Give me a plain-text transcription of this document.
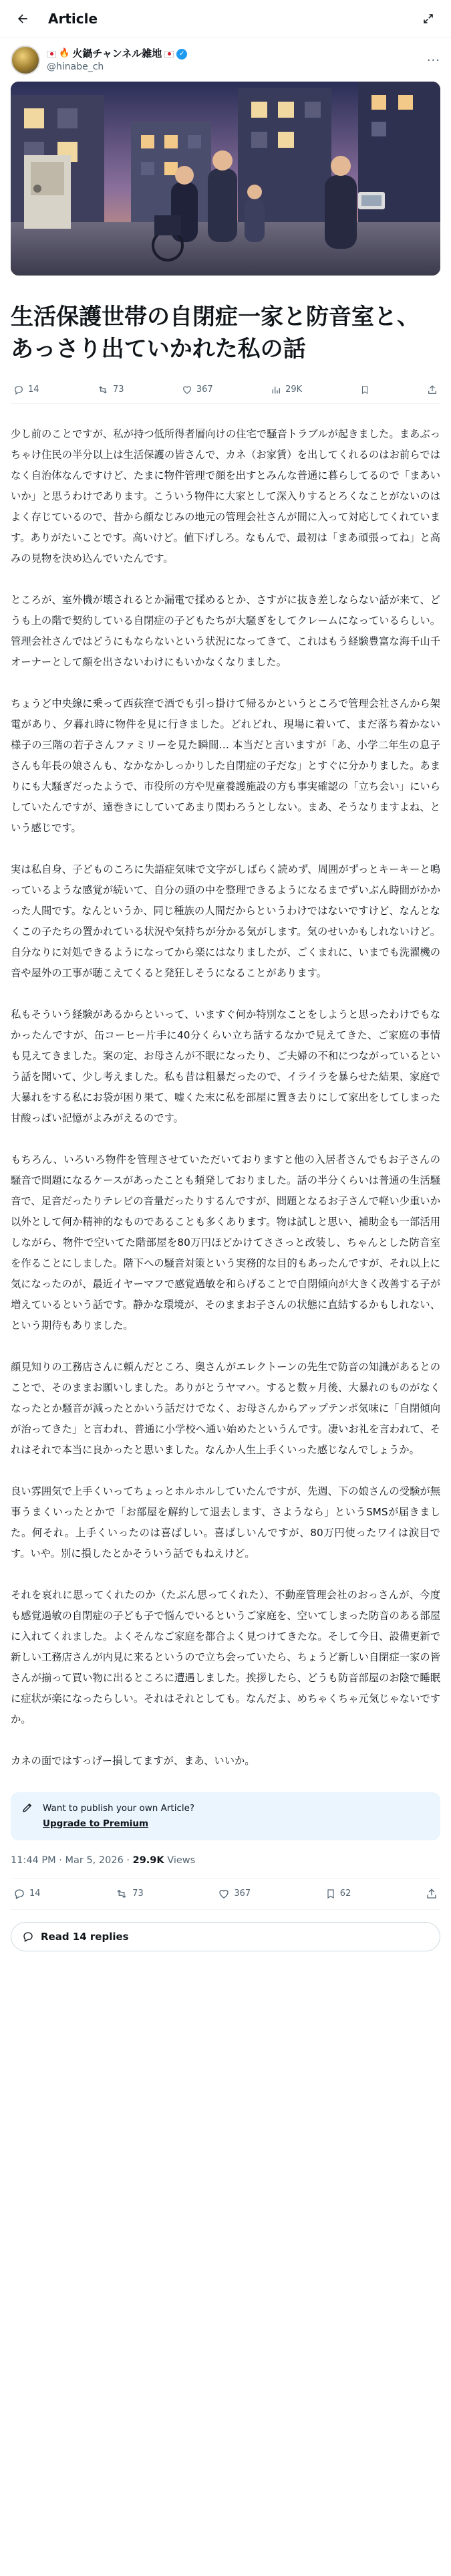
Article
🔥 火鍋チャンネル雑地	✓
@hinabe_ch	···
生活保護世帯の自閉症一家と防音室と、あっさり出ていかれた私の話
14	73	367	29K

少し前のことですが、私が持つ低所得者層向けの住宅で騒音トラブルが起きました。まあぶっちゃけ住民の半分以上は生活保護の皆さんで、カネ（お家賃）を出してくれるのはお前らではなく自治体なんですけど、たまに物件管理で顔を出すとみんな普通に暮らしてるので「まあいいか」と思うわけであります。こういう物件に大家として深入りするとろくなことがないのはよく存じているので、昔から顔なじみの地元の管理会社さんが間に入って対応してくれています。ありがたいことです。高いけど。値下げしろ。なもんで、最初は「まあ頑張ってね」と高みの見物を決め込んでいたんです。

ところが、室外機が壊されるとか漏電で揉めるとか、さすがに抜き差しならない話が来て、どうも上の階で契約している自閉症の子どもたちが大騒ぎをしてクレームになっているらしい。管理会社さんではどうにもならないという状況になってきて、これはもう経験豊富な海千山千オーナーとして顔を出さないわけにもいかなくなりました。

ちょうど中央線に乗って西荻窪で酒でも引っ掛けて帰るかというところで管理会社さんから架電があり、夕暮れ時に物件を見に行きました。どれどれ、現場に着いて、まだ落ち着かない様子の三階の若子さんファミリーを見た瞬間… 本当だと言いますが「あ、小学二年生の息子さんも年長の娘さんも、なかなかしっかりした自閉症の子だな」とすぐに分かりました。あまりにも大騒ぎだったようで、市役所の方や児童養護施設の方も事実確認の「立ち会い」にいらしていたんですが、遠巻きにしていてあまり関わろうとしない。まあ、そうなりますよね、という感じです。

実は私自身、子どものころに失語症気味で文字がしばらく読めず、周囲がずっとキーキーと鳴っているような感覚が続いて、自分の頭の中を整理できるようになるまでずいぶん時間がかかった人間です。なんというか、同じ種族の人間だからというわけではないですけど、なんとなくこの子たちの置かれている状況や気持ちが分かる気がします。気のせいかもしれないけど。自分なりに対処できるようになってから楽にはなりましたが、ごくまれに、いまでも洗濯機の音や屋外の工事が聴こえてくると発狂しそうになることがあります。

私もそういう経験があるからといって、いますぐ何か特別なことをしようと思ったわけでもなかったんですが、缶コーヒー片手に40分くらい立ち話するなかで見えてきた、ご家庭の事情も見えてきました。案の定、お母さんが不眠になったり、ご夫婦の不和につながっているという話を聞いて、少し考えました。私も昔は粗暴だったので、イライラを暴らせた結果、家庭で大暴れをする私にお袋が困り果て、嘘くた末に私を部屋に置き去りにして家出をしてしまった甘酸っぱい記憶がよみがえるのです。

もちろん、いろいろ物件を管理させていただいておりますと他の入居者さんでもお子さんの騒音で問題になるケースがあったことも頻発しておりました。話の半分くらいは普通の生活騒音で、足音だったりテレビの音量だったりするんですが、問題となるお子さんで軽い少重いか以外として何か精神的なものであることも多くあります。物は試しと思い、補助金も一部活用しながら、物件で空いてた階部屋を80万円ほどかけてささっと改装し、ちゃんとした防音室を作ることにしました。階下への騒音対策という実務的な目的もあったんですが、それ以上に気になったのが、最近イヤーマフで感覚過敏を和らげることで自閉傾向が大きく改善する子が増えているという話です。静かな環境が、そのままお子さんの状態に直結するかもしれない、という期待もありました。

顔見知りの工務店さんに頼んだところ、奥さんがエレクトーンの先生で防音の知識があるとのことで、そのままお願いしました。ありがとうヤマハ。すると数ヶ月後、大暴れのものがなくなったとか騒音が減ったとかいう話だけでなく、お母さんからアップテンポ気味に「自閉傾向が治ってきた」と言われ、普通に小学校へ通い始めたというんです。凄いお礼を言われて、それはそれで本当に良かったと思いました。なんか人生上手くいった感じなんでしょうか。

良い雰囲気で上手くいってちょっとホルホルしていたんですが、先週、下の娘さんの受験が無事うまくいったとかで「お部屋を解約して退去します、さようなら」というSMSが届きました。何それ。上手くいったのは喜ばしい。喜ばしいんですが、80万円使ったワイは涙目です。いや。別に損したとかそういう話でもねえけど。

それを哀れに思ってくれたのか（たぶん思ってくれた）、不動産管理会社のおっさんが、今度も感覚過敏の自閉症の子ども子で悩んでいるというご家庭を、空いてしまった防音のある部屋に入れてくれました。よくそんなご家庭を都合よく見つけてきたな。そして今日、設備更新で新しい工務店さんが内見に来るというので立ち会っていたら、ちょうど新しい自閉症一家の皆さんが揃って買い物に出るところに遭遇しました。挨拶したら、どうも防音部屋のお陰で睡眠に症状が楽になったらしい。それはそれとしても。なんだよ、めちゃくちゃ元気じゃないですか。

カネの面ではすっげー損してますが、まあ、いいか。

Want to publish your own Article?
Upgrade to Premium
11:44 PM · Mar 5, 2026 · 29.9K Views
14	73	367	62
Read 14 replies
